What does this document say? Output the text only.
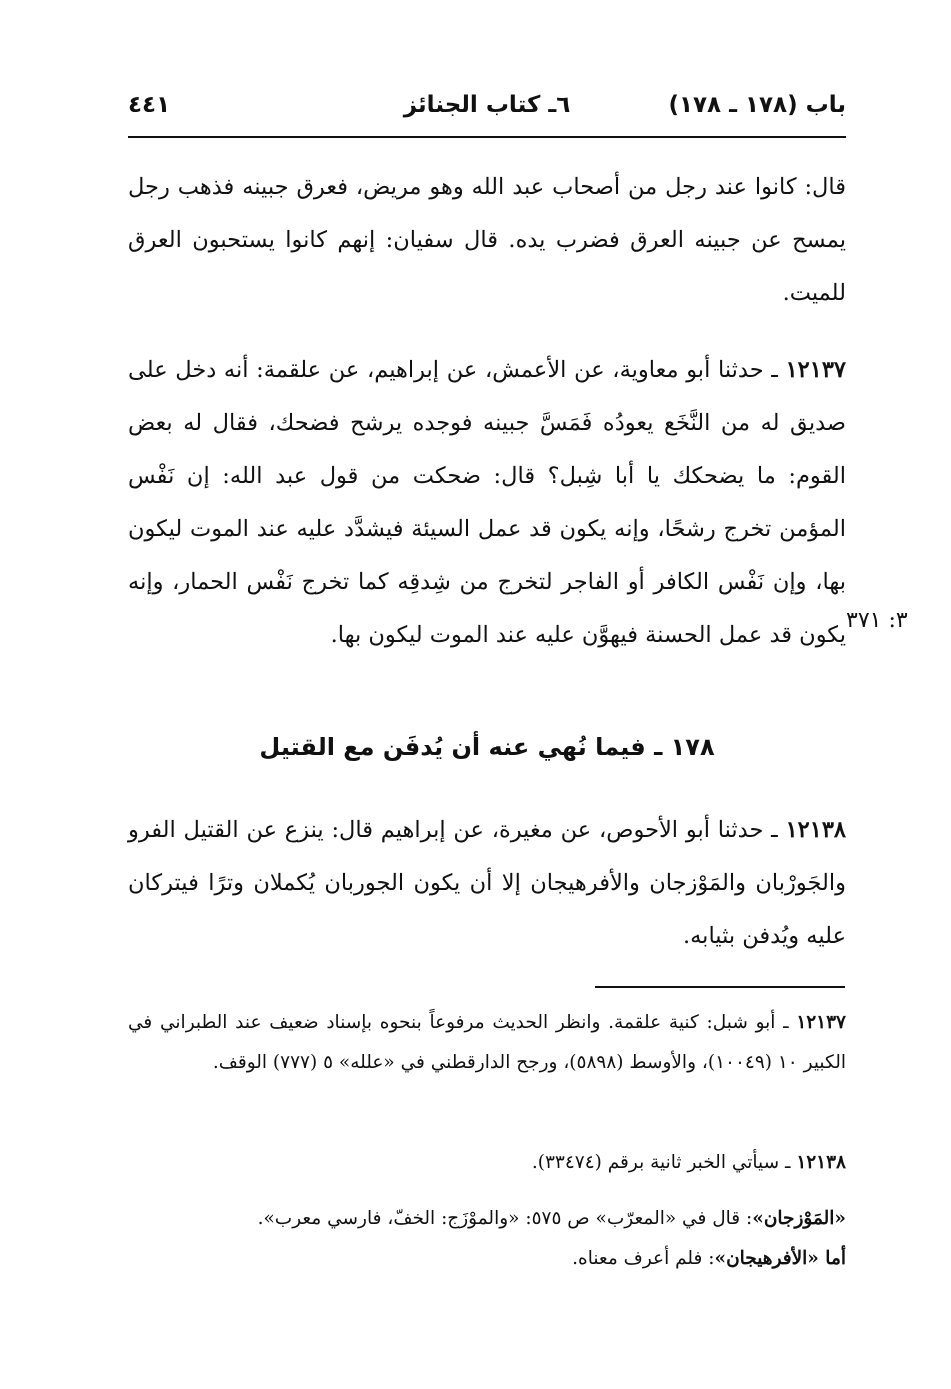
باب (١٧٨ ـ ١٧٨)
٦ـ كتاب الجنائز
٤٤١
قال: كانوا عند رجل من أصحاب عبد الله وهو مريض، فعرق جبينه فذهب رجل يمسح عن جبينه العرق فضرب يده. قال سفيان: إنهم كانوا يستحبون العرق للميت.
١٢١٣٧ ـ حدثنا أبو معاوية، عن الأعمش، عن إبراهيم، عن علقمة: أنه دخل على صديق له من النَّخَع يعودُه فَمَسَّ جبينه فوجده يرشح فضحك، فقال له بعض القوم: ما يضحكك يا أبا شِبل؟ قال: ضحكت من قول عبد الله: إن نَفْس المؤمن تخرج رشحًا، وإنه يكون قد عمل السيئة فيشدَّد عليه عند الموت ليكون بها، وإن نَفْس الكافر أو الفاجر لتخرج من شِدقِه كما تخرج نَفْس الحمار، وإنه يكون قد عمل الحسنة فيهوَّن عليه عند الموت ليكون بها.
٣: ٣٧١
١٧٨ ـ فيما نُهي عنه أن يُدفَن مع القتيل
١٢١٣٨ ـ حدثنا أبو الأحوص، عن مغيرة، عن إبراهيم قال: ينزع عن القتيل الفرو والجَورْبان والمَوْزجان والأفرهيجان إلا أن يكون الجوربان يُكملان وترًا فيتركان عليه ويُدفن بثيابه.
١٢١٣٧ ـ أبو شبل: كنية علقمة. وانظر الحديث مرفوعاً بنحوه بإسناد ضعيف عند الطبراني في الكبير ١٠ (١٠٠٤٩)، والأوسط (٥٨٩٨)، ورجح الدارقطني في «علله» ٥ (٧٧٧) الوقف.
١٢١٣٨ ـ سيأتي الخبر ثانية برقم (٣٣٤٧٤).
«المَوْزجان»: قال في «المعرّب» ص ٥٧٥: «والموْزَج: الخفّ، فارسي معرب».
أما «الأفرهيجان»: فلم أعرف معناه.
